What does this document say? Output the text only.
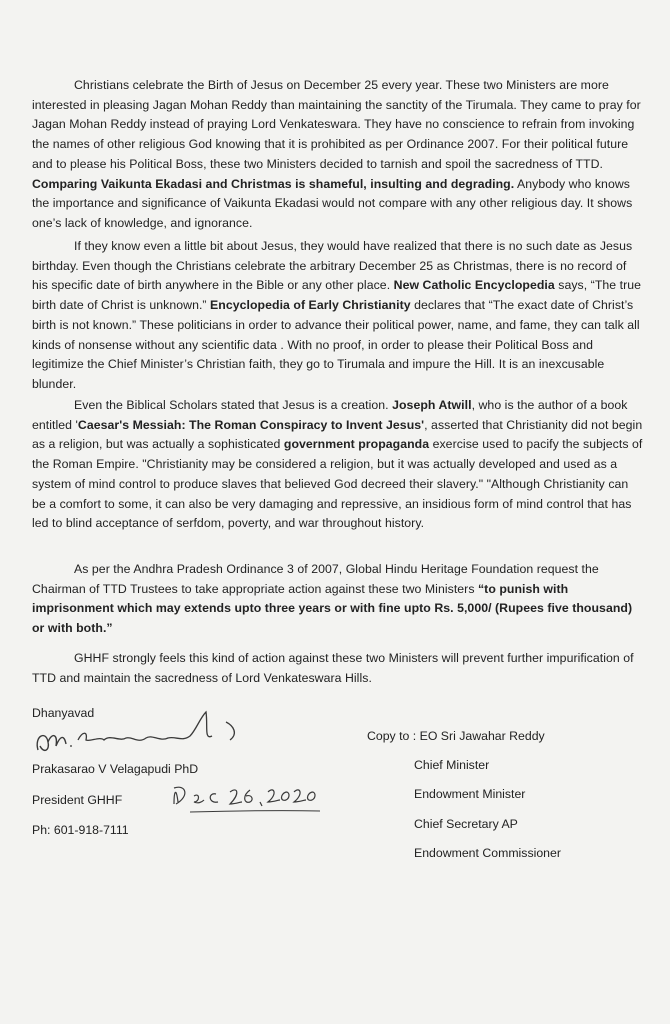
Christians celebrate the Birth of Jesus on December 25 every year. These two Ministers are more interested in pleasing Jagan Mohan Reddy than maintaining the sanctity of the Tirumala. They came to pray for Jagan Mohan Reddy instead of praying Lord Venkateswara. They have no conscience to refrain from invoking the names of other religious God knowing that it is prohibited as per Ordinance 2007. For their political future and to please his Political Boss, these two Ministers decided to tarnish and spoil the sacredness of TTD. Comparing Vaikunta Ekadasi and Christmas is shameful, insulting and degrading. Anybody who knows the importance and significance of Vaikunta Ekadasi would not compare with any other religious day. It shows one’s lack of knowledge, and ignorance.

If they know even a little bit about Jesus, they would have realized that there is no such date as Jesus birthday. Even though the Christians celebrate the arbitrary December 25 as Christmas, there is no record of his specific date of birth anywhere in the Bible or any other place. New Catholic Encyclopedia says, “The true birth date of Christ is unknown.” Encyclopedia of Early Christianity declares that “The exact date of Christ’s birth is not known.” These politicians in order to advance their political power, name, and fame, they can talk all kinds of nonsense without any scientific data . With no proof, in order to please their Political Boss and legitimize the Chief Minister’s Christian faith, they go to Tirumala and impure the Hill. It is an inexcusable blunder.

Even the Biblical Scholars stated that Jesus is a creation. Joseph Atwill, who is the author of a book entitled 'Caesar's Messiah: The Roman Conspiracy to Invent Jesus', asserted that Christianity did not begin as a religion, but was actually a sophisticated government propaganda exercise used to pacify the subjects of the Roman Empire. "Christianity may be considered a religion, but it was actually developed and used as a system of mind control to produce slaves that believed God decreed their slavery." "Although Christianity can be a comfort to some, it can also be very damaging and repressive, an insidious form of mind control that has led to blind acceptance of serfdom, poverty, and war throughout history.

As per the Andhra Pradesh Ordinance 3 of 2007, Global Hindu Heritage Foundation request the Chairman of TTD Trustees to take appropriate action against these two Ministers “to punish with imprisonment which may extends upto three years or with fine upto Rs. 5,000/ (Rupees five thousand) or with both.”

GHHF strongly feels this kind of action against these two Ministers will prevent further impurification of TTD and maintain the sacredness of Lord Venkateswara Hills.

Dhanyavad
Prakasarao V Velagapudi PhD
President GHHF
Ph: 601-918-7111
Copy to : EO Sri Jawahar Reddy
Chief Minister
Endowment Minister
Chief Secretary AP
Endowment Commissioner
